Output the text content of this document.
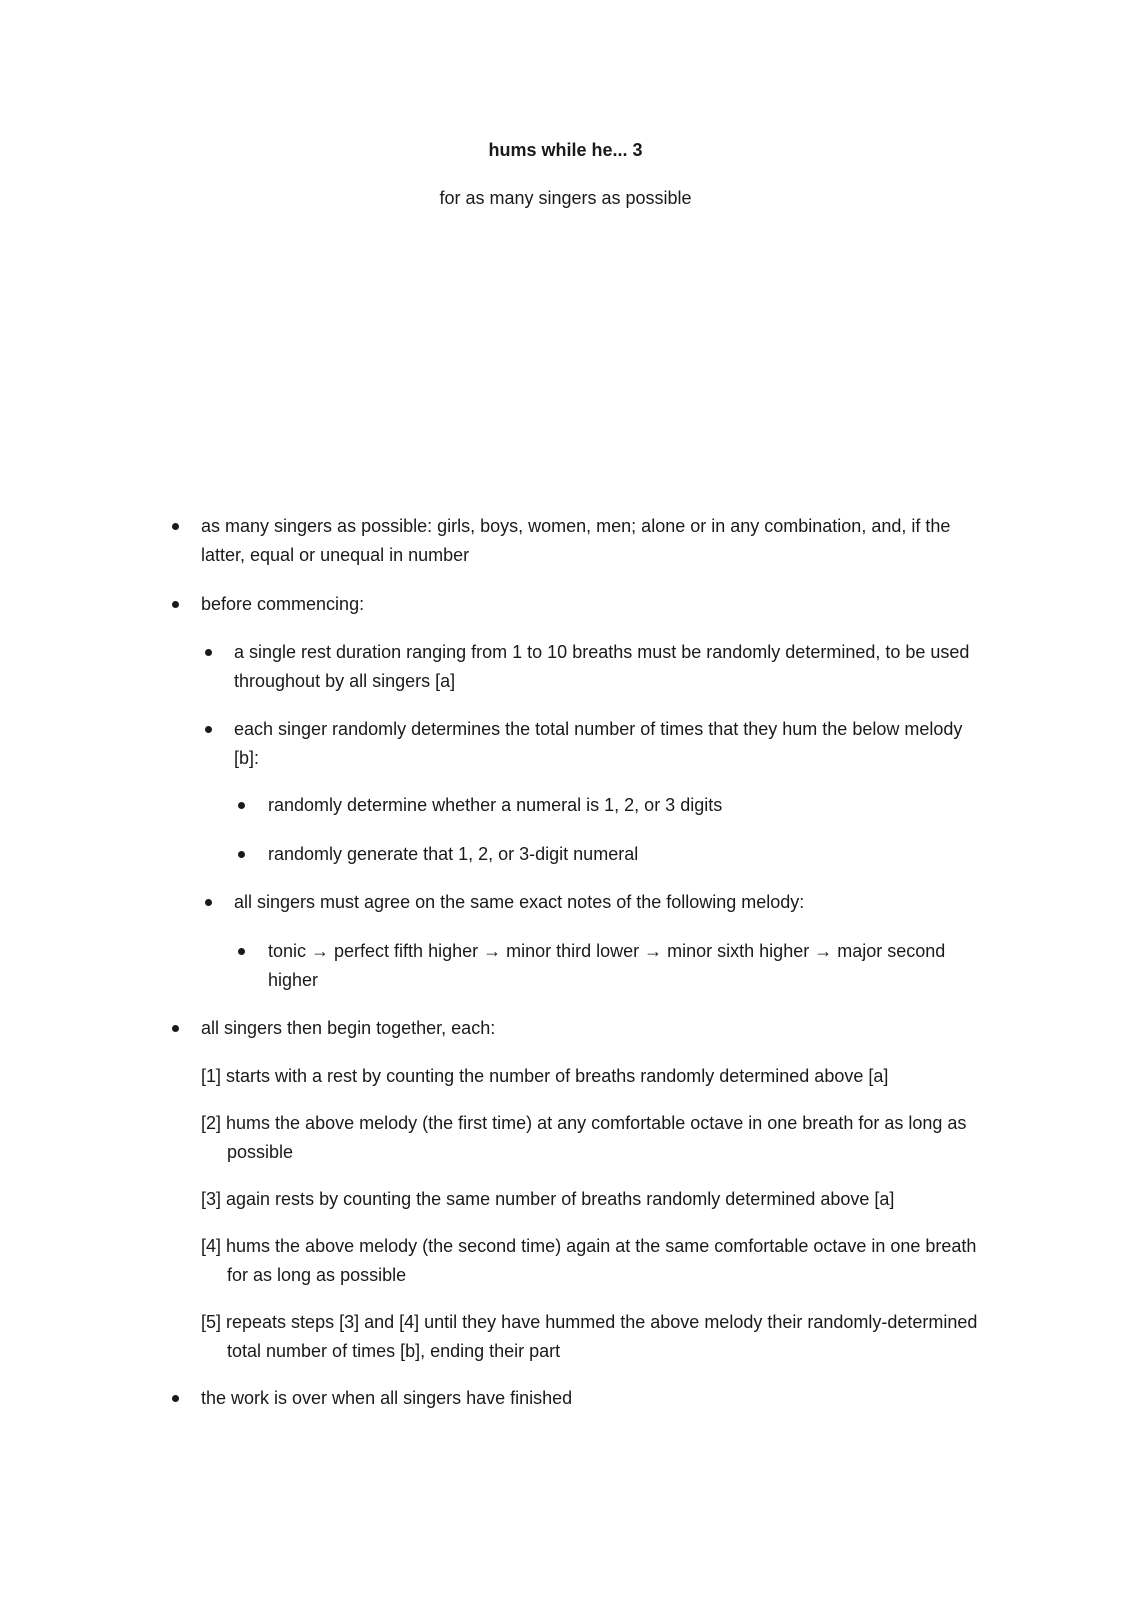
hums while he... 3
for as many singers as possible
as many singers as possible: girls, boys, women, men; alone or in any combination, and, if the latter, equal or unequal in number
before commencing:
a single rest duration ranging from 1 to 10 breaths must be randomly determined, to be used throughout by all singers [a]
each singer randomly determines the total number of times that they hum the below melody [b]:
randomly determine whether a numeral is 1, 2, or 3 digits
randomly generate that 1, 2, or 3-digit numeral
all singers must agree on the same exact notes of the following melody:
tonic → perfect fifth higher → minor third lower → minor sixth higher → major second higher
all singers then begin together, each:
[1] starts with a rest by counting the number of breaths randomly determined above [a]
[2] hums the above melody (the first time) at any comfortable octave in one breath for as long as possible
[3] again rests by counting the same number of breaths randomly determined above [a]
[4] hums the above melody (the second time) again at the same comfortable octave in one breath for as long as possible
[5] repeats steps [3] and [4] until they have hummed the above melody their randomly-determined total number of times [b], ending their part
the work is over when all singers have finished
